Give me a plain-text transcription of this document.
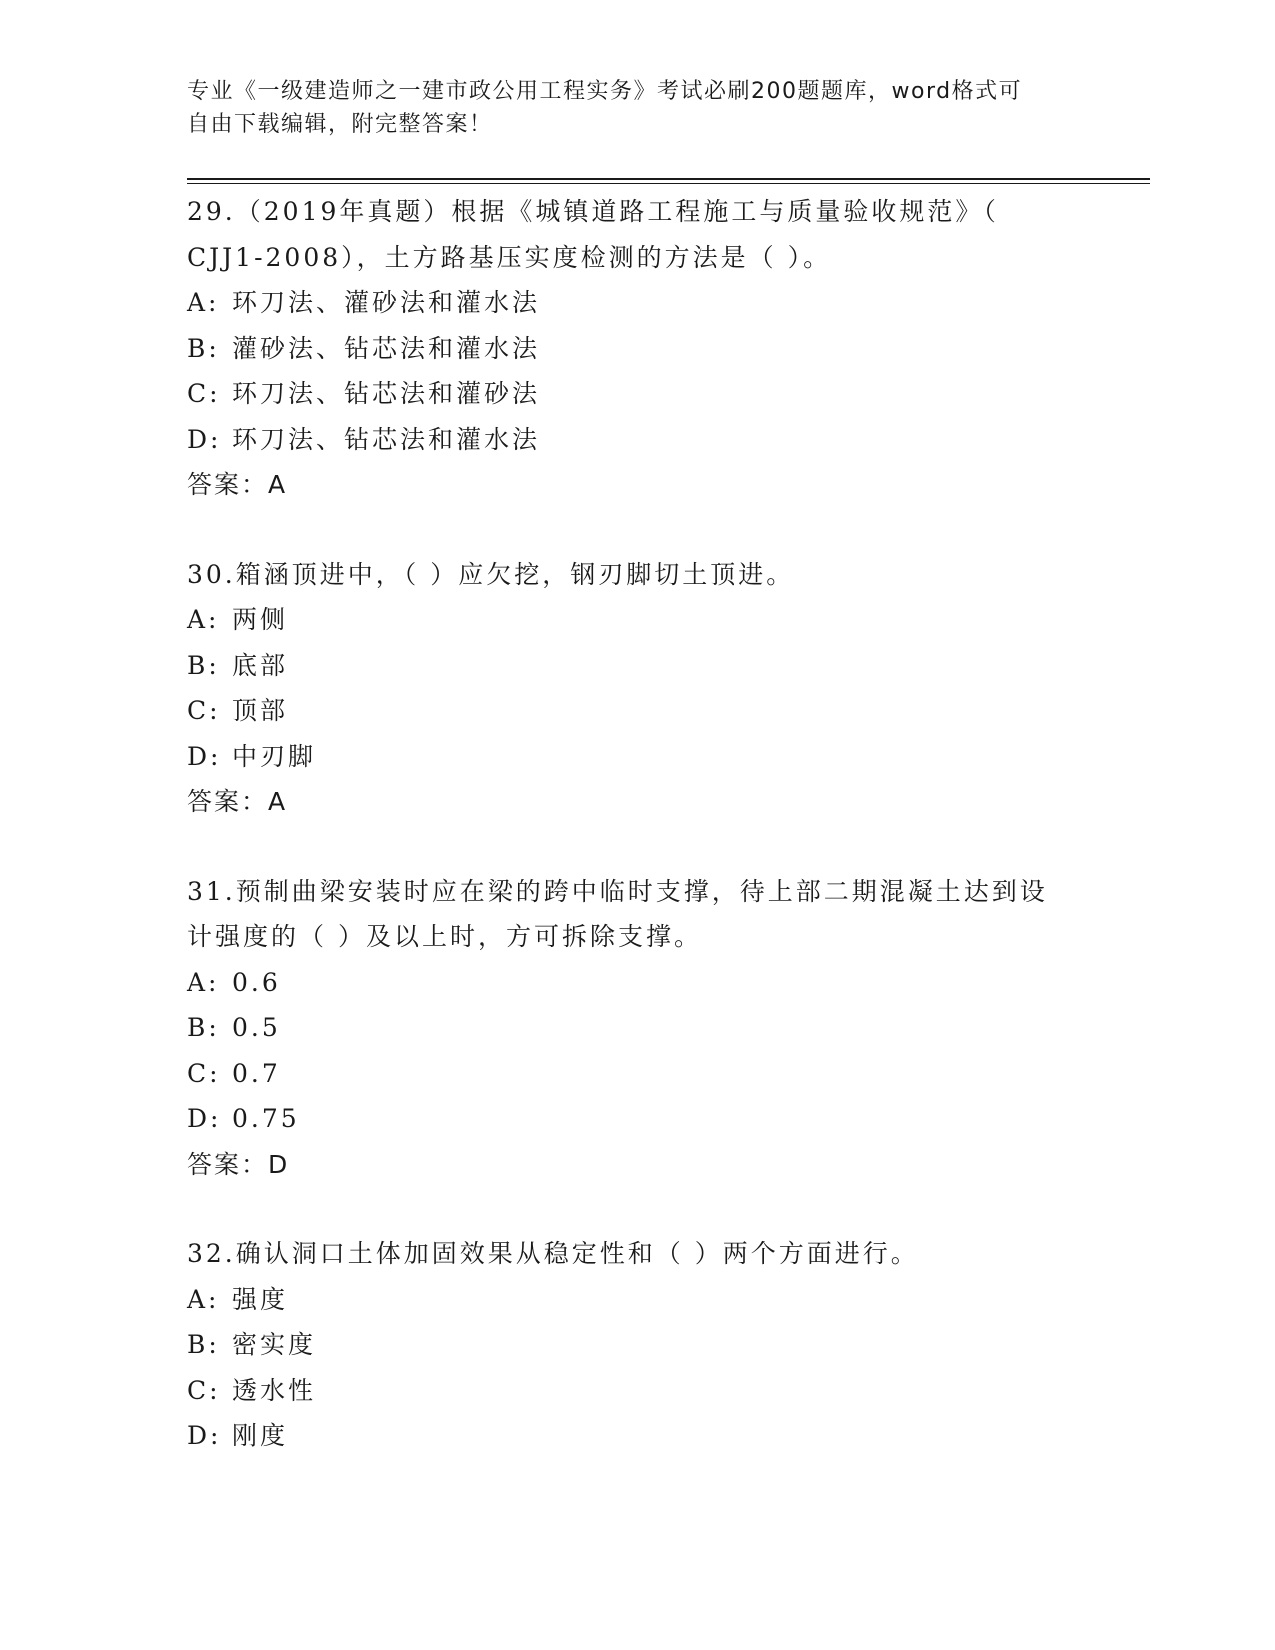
专业《一级建造师之一建市政公用工程实务》考试必刷200题题库，word格式可
自由下载编辑，附完整答案！
29.（2019年真题）根据《城镇道路工程施工与质量验收规范》（
CJJ1-2008），土方路基压实度检测的方法是（ ）。
A: 环刀法、灌砂法和灌水法
B: 灌砂法、钻芯法和灌水法
C: 环刀法、钻芯法和灌砂法
D: 环刀法、钻芯法和灌水法
答案：A
30.箱涵顶进中，（ ）应欠挖，钢刃脚切土顶进。
A: 两侧
B: 底部
C: 顶部
D: 中刃脚
答案：A
31.预制曲梁安装时应在梁的跨中临时支撑，待上部二期混凝土达到设
计强度的（ ）及以上时，方可拆除支撑。
A: 0.6
B: 0.5
C: 0.7
D: 0.75
答案：D
32.确认洞口土体加固效果从稳定性和（ ）两个方面进行。
A: 强度
B: 密实度
C: 透水性
D: 刚度
